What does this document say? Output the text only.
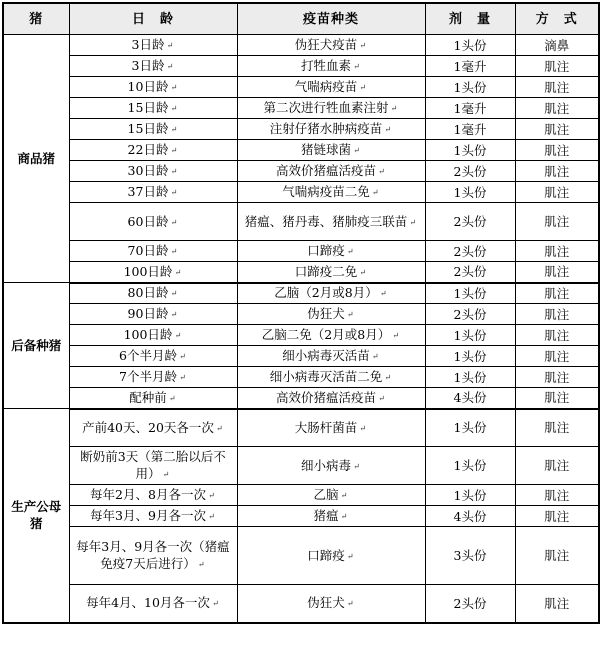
猪	日　龄	疫苗种类	剂　量	方　式
商品猪	3日龄 ↵	伪狂犬疫苗 ↵	1头份	滴鼻
	3日龄 ↵	打牲血素 ↵	1毫升	肌注
	10日龄 ↵	气喘病疫苗 ↵	1头份	肌注
	15日龄 ↵	第二次进行牲血素注射 ↵	1毫升	肌注
	15日龄 ↵	注射仔猪水肿病疫苗 ↵	1毫升	肌注
	22日龄 ↵	猪链球菌 ↵	1头份	肌注
	30日龄 ↵	高效价猪瘟活疫苗 ↵	2头份	肌注
	37日龄 ↵	气喘病疫苗二免 ↵	1头份	肌注
	60日龄 ↵	猪瘟、猪丹毒、猪肺疫三联苗 ↵	2头份	肌注
	70日龄 ↵	口蹄疫 ↵	2头份	肌注
	100日龄 ↵	口蹄疫二免 ↵	2头份	肌注
后备种猪	80日龄 ↵	乙脑（2月或8月） ↵	1头份	肌注
	90日龄 ↵	伪狂犬 ↵	2头份	肌注
	100日龄 ↵	乙脑二免（2月或8月） ↵	1头份	肌注
	6个半月龄 ↵	细小病毒灭活苗 ↵	1头份	肌注
	7个半月龄 ↵	细小病毒灭活苗二免 ↵	1头份	肌注
	配种前 ↵	高效价猪瘟活疫苗 ↵	4头份	肌注
生产公母猪	产前40天、20天各一次 ↵	大肠杆菌苗 ↵	1头份	肌注
	断奶前3天（第二胎以后不用） ↵	细小病毒 ↵	1头份	肌注
	每年2月、8月各一次 ↵	乙脑 ↵	1头份	肌注
	每年3月、9月各一次 ↵	猪瘟 ↵	4头份	肌注
	每年3月、9月各一次（猪瘟免疫7天后进行） ↵	口蹄疫 ↵	3头份	肌注
	每年4月、10月各一次 ↵	伪狂犬 ↵	2头份	肌注
